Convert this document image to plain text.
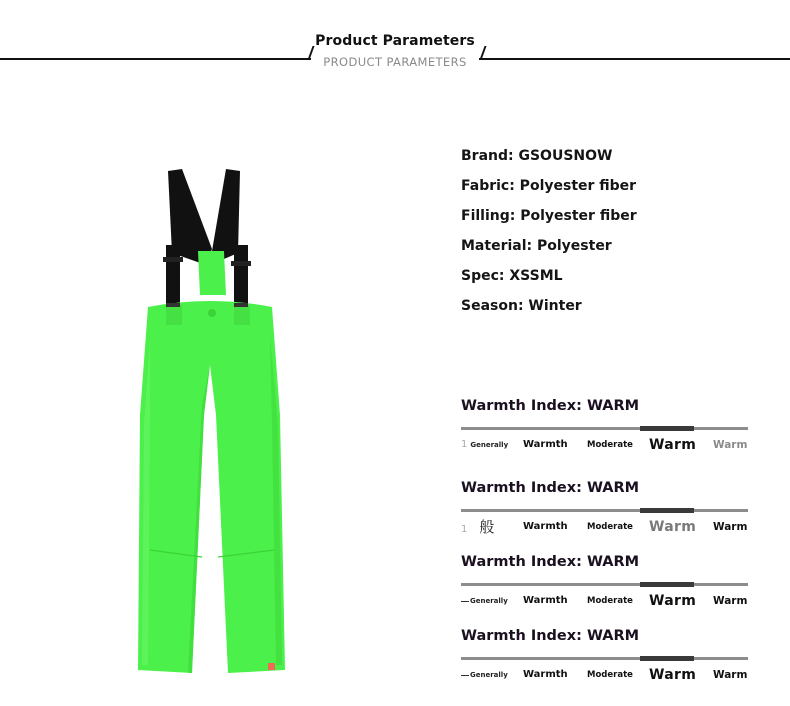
Product Parameters
PRODUCT PARAMETERS
Brand: GSOUSNOW
Fabric: Polyester fiber
Filling: Polyester fiber
Material: Polyester
Spec: XSSML
Season: Winter
Warmth Index: WARM
1 Generally Warmth Moderate Warm Warm
Warmth Index: WARM
1 般	Warmth Moderate Warm Warm
Warmth Index: WARM
Generally Warmth Moderate Warm Warm
Warmth Index: WARM
Generally Warmth Moderate Warm Warm
